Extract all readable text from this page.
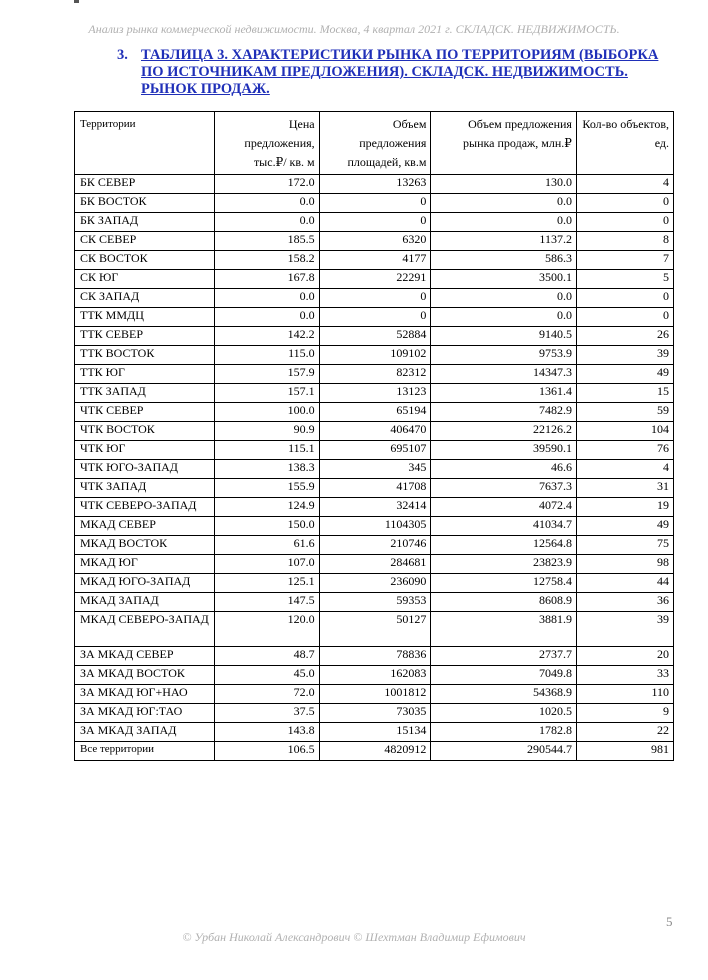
Анализ рынка коммерческой недвижимости. Москва, 4 квартал 2021 г. СКЛАДСК. НЕДВИЖИМОСТЬ.
3. ТАБЛИЦА 3. ХАРАКТЕРИСТИКИ РЫНКА ПО ТЕРРИТОРИЯМ (ВЫБОРКА ПО ИСТОЧНИКАМ ПРЕДЛОЖЕНИЯ). СКЛАДСК. НЕДВИЖИМОСТЬ. РЫНОК ПРОДАЖ.
Территории	Цена предложения, тыс.₽/ кв. м	Объем предложения площадей, кв.м	Объем предложения рынка продаж, млн.₽	Кол-во объектов, ед.
БК СЕВЕР	172.0	13263	130.0	4
БК ВОСТОК	0.0	0	0.0	0
БК ЗАПАД	0.0	0	0.0	0
СК СЕВЕР	185.5	6320	1137.2	8
СК ВОСТОК	158.2	4177	586.3	7
СК ЮГ	167.8	22291	3500.1	5
СК ЗАПАД	0.0	0	0.0	0
ТТК ММДЦ	0.0	0	0.0	0
ТТК СЕВЕР	142.2	52884	9140.5	26
ТТК ВОСТОК	115.0	109102	9753.9	39
ТТК ЮГ	157.9	82312	14347.3	49
ТТК ЗАПАД	157.1	13123	1361.4	15
ЧТК СЕВЕР	100.0	65194	7482.9	59
ЧТК ВОСТОК	90.9	406470	22126.2	104
ЧТК ЮГ	115.1	695107	39590.1	76
ЧТК ЮГО-ЗАПАД	138.3	345	46.6	4
ЧТК ЗАПАД	155.9	41708	7637.3	31
ЧТК СЕВЕРО-ЗАПАД	124.9	32414	4072.4	19
МКАД СЕВЕР	150.0	1104305	41034.7	49
МКАД ВОСТОК	61.6	210746	12564.8	75
МКАД ЮГ	107.0	284681	23823.9	98
МКАД ЮГО-ЗАПАД	125.1	236090	12758.4	44
МКАД ЗАПАД	147.5	59353	8608.9	36
МКАД СЕВЕРО-ЗАПАД	120.0	50127	3881.9	39
ЗА МКАД СЕВЕР	48.7	78836	2737.7	20
ЗА МКАД ВОСТОК	45.0	162083	7049.8	33
ЗА МКАД ЮГ+НАО	72.0	1001812	54368.9	110
ЗА МКАД ЮГ:ТАО	37.5	73035	1020.5	9
ЗА МКАД ЗАПАД	143.8	15134	1782.8	22
Все территории	106.5	4820912	290544.7	981
5
© Урбан Николай Александрович © Шехтман Владимир Ефимович
